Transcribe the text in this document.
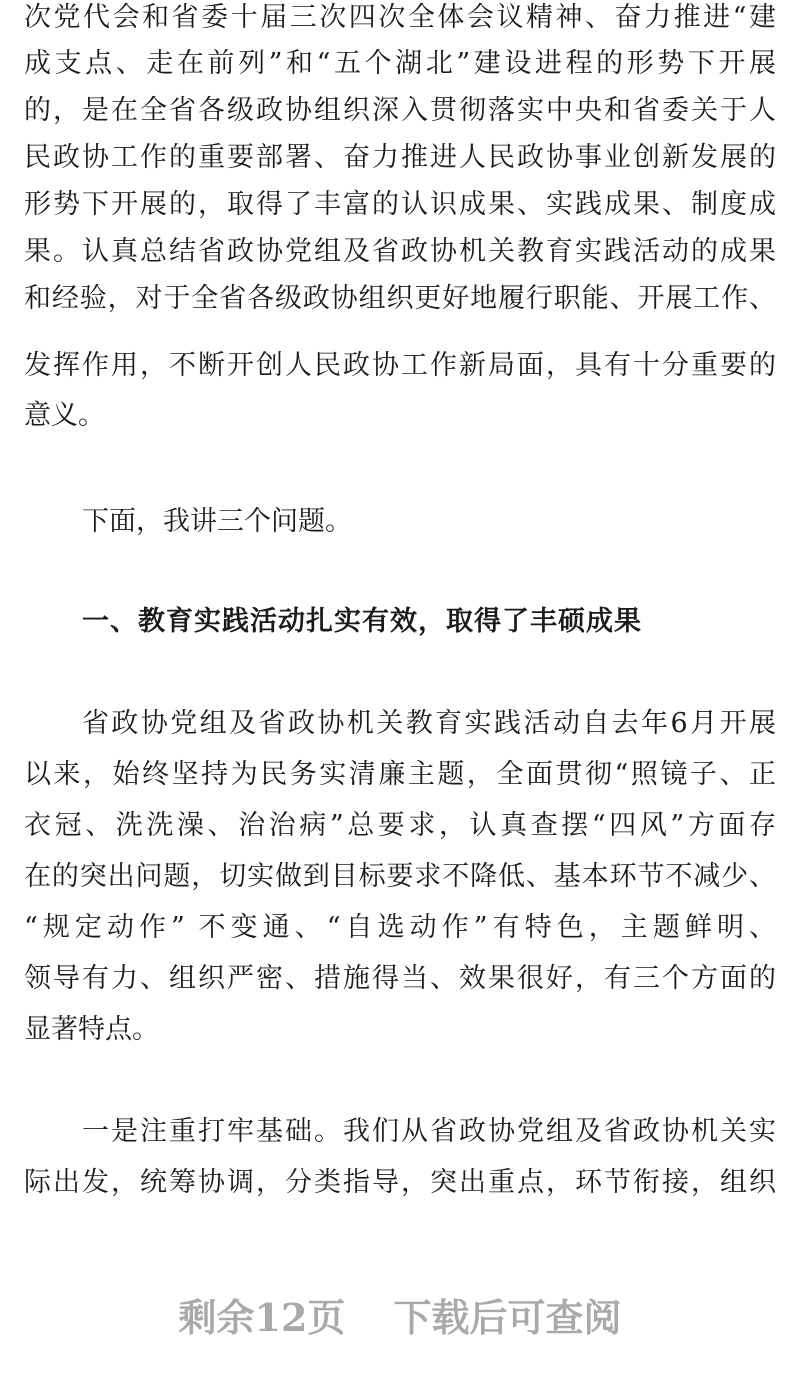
次党代会和省委十届三次四次全体会议精神、奋力推进“建
成支点、走在前列”和“五个湖北”建设进程的形势下开展
的，是在全省各级政协组织深入贯彻落实中央和省委关于人
民政协工作的重要部署、奋力推进人民政协事业创新发展的
形势下开展的，取得了丰富的认识成果、实践成果、制度成
果。认真总结省政协党组及省政协机关教育实践活动的成果
和经验，对于全省各级政协组织更好地履行职能、开展工作、
发挥作用，不断开创人民政协工作新局面，具有十分重要的
意义。
下面，我讲三个问题。
一、教育实践活动扎实有效，取得了丰硕成果
省政协党组及省政协机关教育实践活动自去年6月开展
以来，始终坚持为民务实清廉主题，全面贯彻“照镜子、正
衣冠、洗洗澡、治治病”总要求，认真查摆“四风”方面存
在的突出问题，切实做到目标要求不降低、基本环节不减少、
“规定动作” 不变通、“自选动作”有特色，主题鲜明、
领导有力、组织严密、措施得当、效果很好，有三个方面的
显著特点。
一是注重打牢基础。我们从省政协党组及省政协机关实
际出发，统筹协调，分类指导，突出重点，环节衔接，组织
剩余12页 下载后可查阅
